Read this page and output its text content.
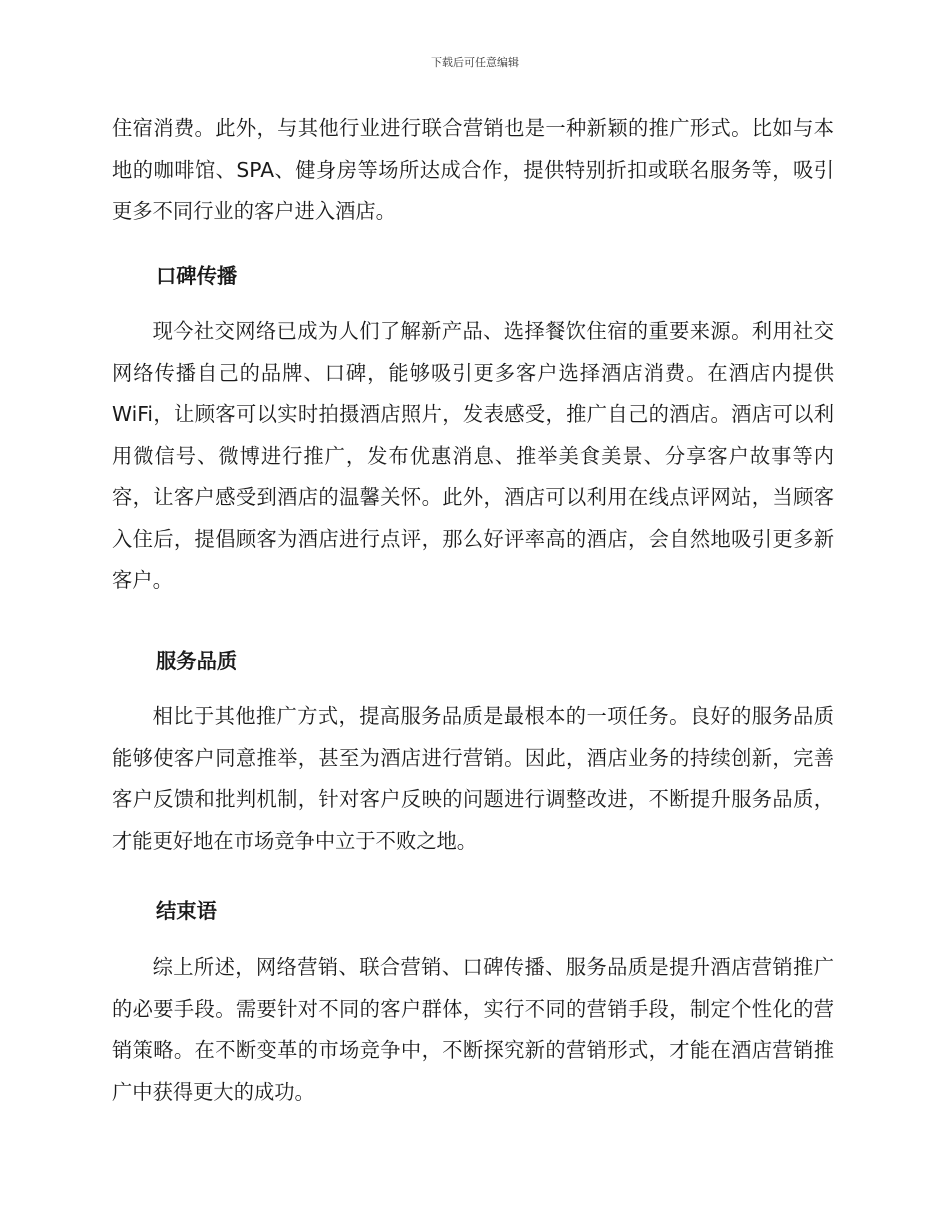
下载后可任意编辑

住宿消费。此外，与其他行业进行联合营销也是一种新颖的推广形式。比如与本地的咖啡馆、SPA、健身房等场所达成合作，提供特别折扣或联名服务等，吸引更多不同行业的客户进入酒店。

口碑传播

现今社交网络已成为人们了解新产品、选择餐饮住宿的重要来源。利用社交网络传播自己的品牌、口碑，能够吸引更多客户选择酒店消费。在酒店内提供 WiFi，让顾客可以实时拍摄酒店照片，发表感受，推广自己的酒店。酒店可以利用微信号、微博进行推广，发布优惠消息、推举美食美景、分享客户故事等内容，让客户感受到酒店的温馨关怀。此外，酒店可以利用在线点评网站，当顾客入住后，提倡顾客为酒店进行点评，那么好评率高的酒店，会自然地吸引更多新客户。

服务品质

相比于其他推广方式，提高服务品质是最根本的一项任务。良好的服务品质能够使客户同意推举，甚至为酒店进行营销。因此，酒店业务的持续创新，完善客户反馈和批判机制，针对客户反映的问题进行调整改进，不断提升服务品质，才能更好地在市场竞争中立于不败之地。

结束语

综上所述，网络营销、联合营销、口碑传播、服务品质是提升酒店营销推广的必要手段。需要针对不同的客户群体，实行不同的营销手段，制定个性化的营销策略。在不断变革的市场竞争中，不断探究新的营销形式，才能在酒店营销推广中获得更大的成功。
